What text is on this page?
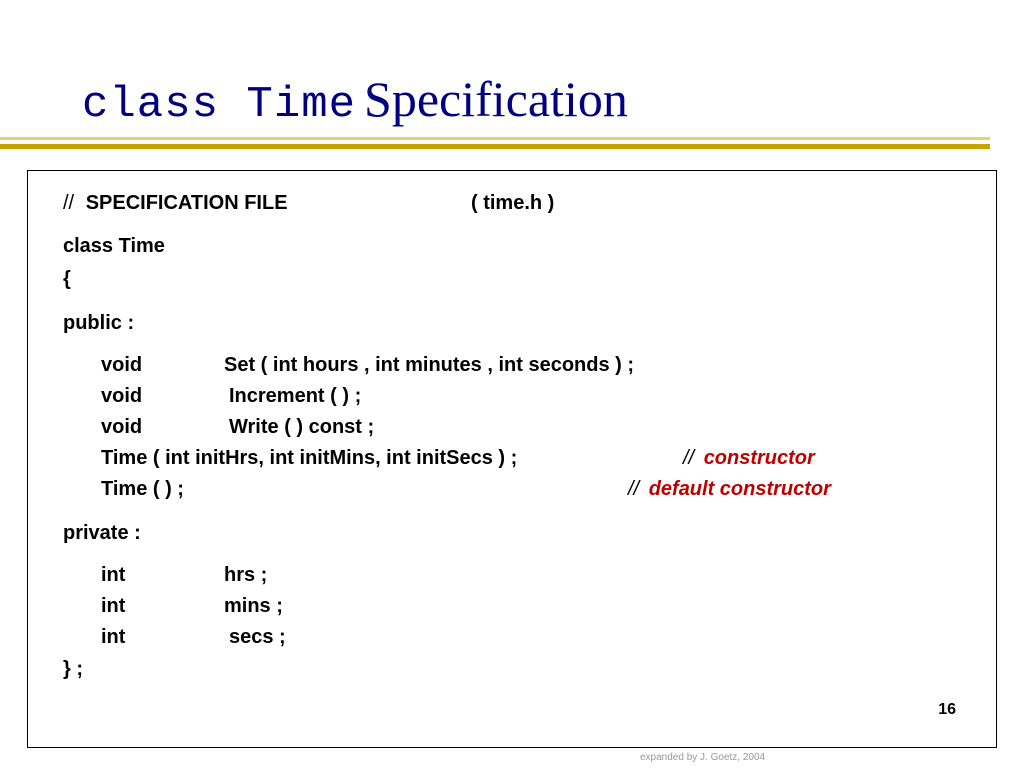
class Time Specification
// SPECIFICATION FILE	( time.h )
class Time
{
public :
void	Set ( int hours , int minutes , int seconds ) ;
void	Increment ( ) ;
void	Write ( ) const ;
Time ( int initHrs, int initMins, int initSecs ) ;	// constructor
Time ( ) ;	// default constructor
private :
int	hrs ;
int	mins ;
int	secs ;
} ;
16
expanded by J. Goetz, 2004
